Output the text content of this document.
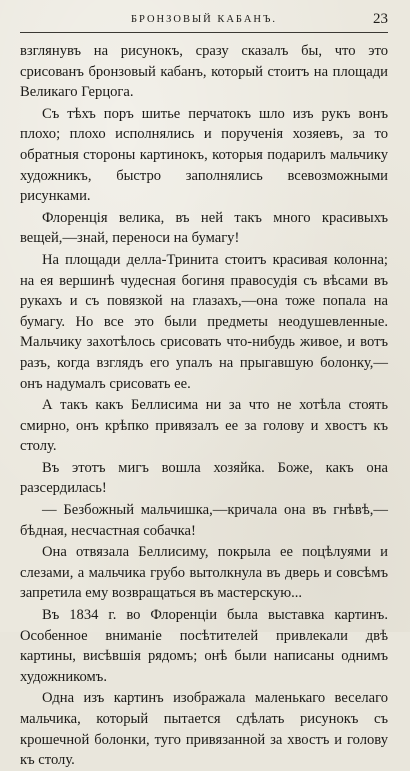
БРОНЗОВЫЙ КАБАНЪ.	23

взглянувъ на рисунокъ, сразу сказалъ бы, что это срисованъ бронзовый кабанъ, который стоитъ на площади Великаго Герцога.

Съ тѣхъ поръ шитье перчатокъ шло изъ рукъ вонъ плохо; плохо исполнялись и порученія хозяевъ, за то обратныя стороны картинокъ, которыя подарилъ мальчику художникъ, быстро заполнялись всевозможными рисунками.

Флоренція велика, въ ней такъ много красивыхъ вещей,—знай, переноси на бумагу!

На площади делла-Тринита стоитъ красивая колонна; на ея вершинѣ чудесная богиня правосудія съ вѣсами въ рукахъ и съ повязкой на глазахъ,—она тоже попала на бумагу. Но все это были предметы неодушевленные. Мальчику захотѣлось срисовать что-нибудь живое, и вотъ разъ, когда взглядъ его упалъ на прыгавшую болонку,—онъ надумалъ срисовать ее.

А такъ какъ Беллисима ни за что не хотѣла стоять смирно, онъ крѣпко привязалъ ее за голову и хвостъ къ столу.

Въ этотъ мигъ вошла хозяйка. Боже, какъ она разсердилась!

— Безбожный мальчишка,—кричала она въ гнѣвѣ,—бѣдная, несчастная собачка!

Она отвязала Беллисиму, покрыла ее поцѣлуями и слезами, а мальчика грубо вытолкнула въ дверь и совсѣмъ запретила ему возвращаться въ мастерскую...

Въ 1834 г. во Флоренціи была выставка картинъ. Особенное вниманіе посѣтителей привлекали двѣ картины, висѣвшія рядомъ; онѣ были написаны однимъ художникомъ.

Одна изъ картинъ изображала маленькаго веселаго мальчика, который пытается сдѣлать рисунокъ съ крошечной болонки, туго привязанной за хвостъ и голову къ столу.
